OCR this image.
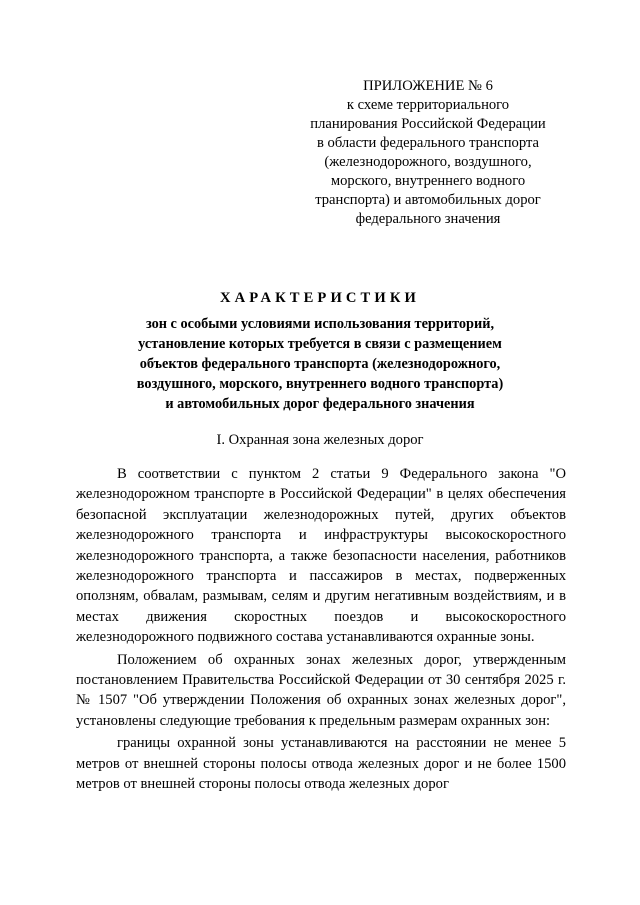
ПРИЛОЖЕНИЕ № 6
к схеме территориального
планирования Российской Федерации
в области федерального транспорта
(железнодорожного, воздушного,
морского, внутреннего водного
транспорта) и автомобильных дорог
федерального значения
ХАРАКТЕРИСТИКИ
зон с особыми условиями использования территорий,
установление которых требуется в связи с размещением
объектов федерального транспорта (железнодорожного,
воздушного, морского, внутреннего водного транспорта)
и автомобильных дорог федерального значения
I. Охранная зона железных дорог

В соответствии с пунктом 2 статьи 9 Федерального закона "О железнодорожном транспорте в Российской Федерации" в целях обеспечения безопасной эксплуатации железнодорожных путей, других объектов железнодорожного транспорта и инфраструктуры высокоскоростного железнодорожного транспорта, а также безопасности населения, работников железнодорожного транспорта и пассажиров в местах, подверженных оползням, обвалам, размывам, селям и другим негативным воздействиям, и в местах движения скоростных поездов и высокоскоростного железнодорожного подвижного состава устанавливаются охранные зоны.

Положением об охранных зонах железных дорог, утвержденным постановлением Правительства Российской Федерации от 30 сентября 2025 г. № 1507 "Об утверждении Положения об охранных зонах железных дорог", установлены следующие требования к предельным размерам охранных зон:

границы охранной зоны устанавливаются на расстоянии не менее 5 метров от внешней стороны полосы отвода железных дорог и не более 1500 метров от внешней стороны полосы отвода железных дорог
